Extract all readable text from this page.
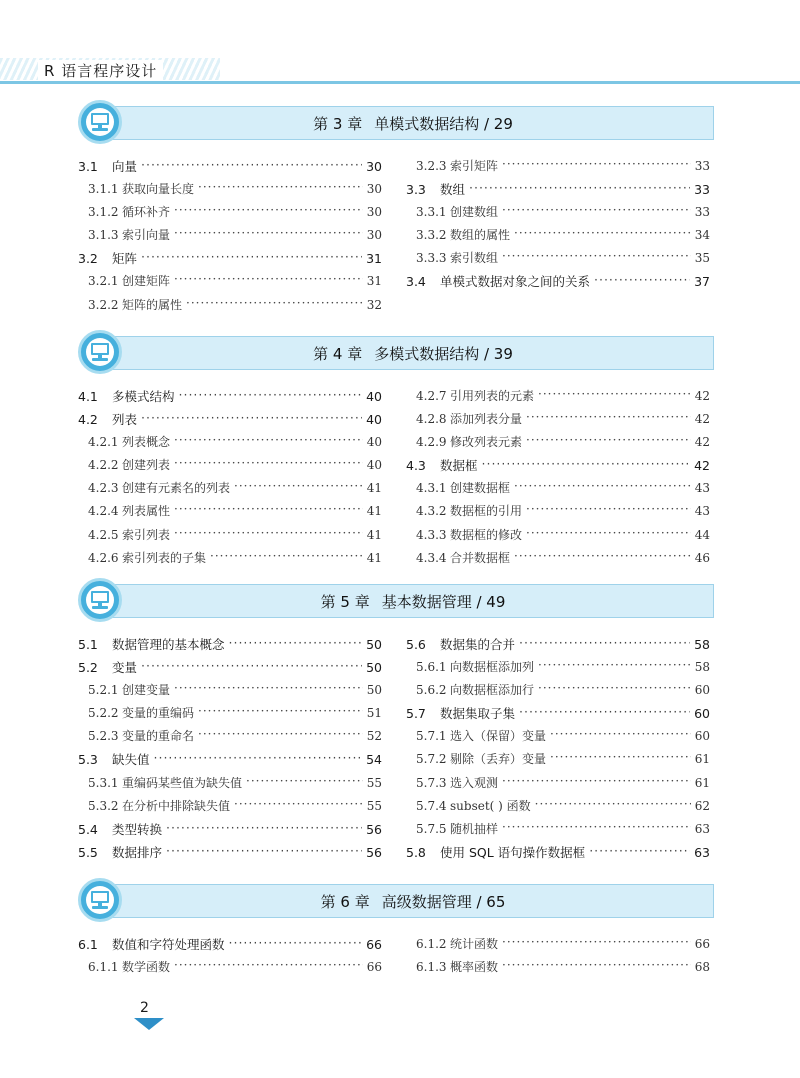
R 语言程序设计
第 3 章 单模式数据结构 / 29
3.1	向量 ·····	30
3.1.1 获取向量长度 ·····	30
3.1.2 循环补齐 ·····	30
3.1.3 索引向量 ·····	30
3.2	矩阵 ·····	31
3.2.1 创建矩阵 ·····	31
3.2.2 矩阵的属性 ·····	32
3.2.3 索引矩阵 ·····	33
3.3	数组 ·····	33
3.3.1 创建数组 ·····	33
3.3.2 数组的属性 ·····	34
3.3.3 索引数组 ·····	35
3.4	单模式数据对象之间的关系 ·····	37
第 4 章 多模式数据结构 / 39
4.1	多模式结构 ·····	40
4.2	列表 ·····	40
4.2.1 列表概念 ·····	40
4.2.2 创建列表 ·····	40
4.2.3 创建有元素名的列表 ·····	41
4.2.4 列表属性 ·····	41
4.2.5 索引列表 ·····	41
4.2.6 索引列表的子集 ·····	41
4.2.7 引用列表的元素 ·····	42
4.2.8 添加列表分量 ·····	42
4.2.9 修改列表元素 ·····	42
4.3	数据框 ·····	42
4.3.1 创建数据框 ·····	43
4.3.2 数据框的引用 ·····	43
4.3.3 数据框的修改 ·····	44
4.3.4 合并数据框 ·····	46
第 5 章 基本数据管理 / 49
5.1	数据管理的基本概念 ·····	50
5.2	变量 ·····	50
5.2.1 创建变量 ·····	50
5.2.2 变量的重编码 ·····	51
5.2.3 变量的重命名 ·····	52
5.3	缺失值 ·····	54
5.3.1 重编码某些值为缺失值 ·····	55
5.3.2 在分析中排除缺失值 ·····	55
5.4	类型转换 ·····	56
5.5	数据排序 ·····	56
5.6	数据集的合并 ·····	58
5.6.1 向数据框添加列 ·····	58
5.6.2 向数据框添加行 ·····	60
5.7	数据集取子集 ·····	60
5.7.1 选入（保留）变量 ·····	60
5.7.2 剔除（丢弃）变量 ·····	61
5.7.3 选入观测 ·····	61
5.7.4 subset( ) 函数 ·····	62
5.7.5 随机抽样 ·····	63
5.8	使用 SQL 语句操作数据框 ·····	63
第 6 章 高级数据管理 / 65
6.1	数值和字符处理函数 ·····	66
6.1.1 数学函数 ·····	66
6.1.2 统计函数 ·····	66
6.1.3 概率函数 ·····	68
2
